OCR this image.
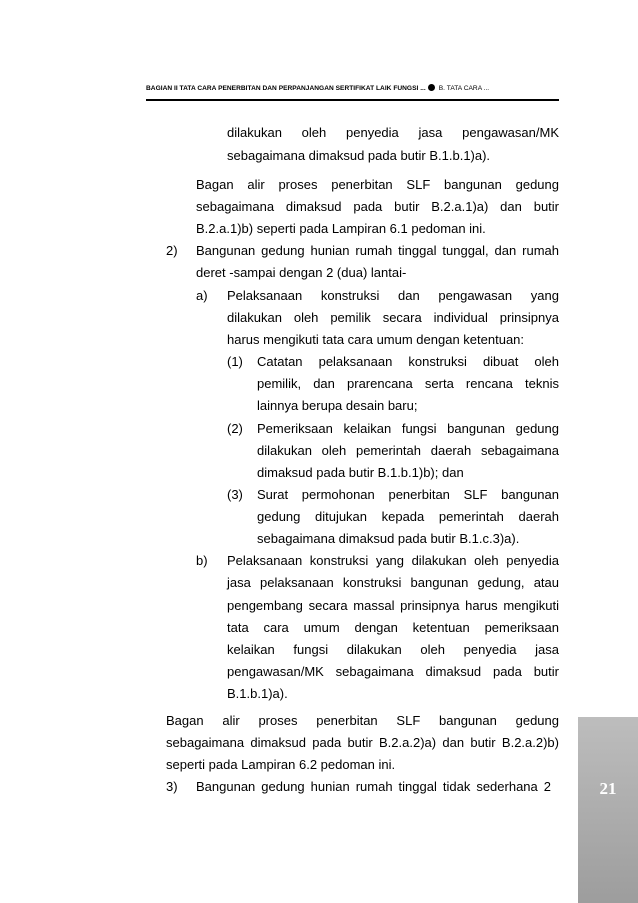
BAGIAN II TATA CARA PENERBITAN DAN PERPANJANGAN SERTIFIKAT LAIK FUNGSI ... B. TATA CARA ...
dilakukan oleh penyedia jasa pengawasan/MK
sebagaimana dimaksud pada butir B.1.b.1)a).
Bagan alir proses penerbitan SLF bangunan gedung
sebagaimana dimaksud pada butir B.2.a.1)a) dan butir
B.2.a.1)b) seperti pada Lampiran 6.1 pedoman ini.
2) Bangunan gedung hunian rumah tinggal tunggal, dan rumah
deret -sampai dengan 2 (dua) lantai-
a) Pelaksanaan konstruksi dan pengawasan yang
dilakukan oleh pemilik secara individual prinsipnya
harus mengikuti tata cara umum dengan ketentuan:
(1) Catatan pelaksanaan konstruksi dibuat oleh
pemilik, dan prarencana serta rencana teknis
lainnya berupa desain baru;
(2) Pemeriksaan kelaikan fungsi bangunan gedung
dilakukan oleh pemerintah daerah sebagaimana
dimaksud pada butir B.1.b.1)b); dan
(3) Surat permohonan penerbitan SLF bangunan
gedung ditujukan kepada pemerintah daerah
sebagaimana dimaksud pada butir B.1.c.3)a).
b) Pelaksanaan konstruksi yang dilakukan oleh penyedia
jasa pelaksanaan konstruksi bangunan gedung, atau
pengembang secara massal prinsipnya harus mengikuti
tata cara umum dengan ketentuan pemeriksaan
kelaikan fungsi dilakukan oleh penyedia jasa
pengawasan/MK sebagaimana dimaksud pada butir
B.1.b.1)a).
Bagan alir proses penerbitan SLF bangunan gedung
sebagaimana dimaksud pada butir B.2.a.2)a) dan butir B.2.a.2)b)
seperti pada Lampiran 6.2 pedoman ini.
3) Bangunan gedung hunian rumah tinggal tidak sederhana 2	21
